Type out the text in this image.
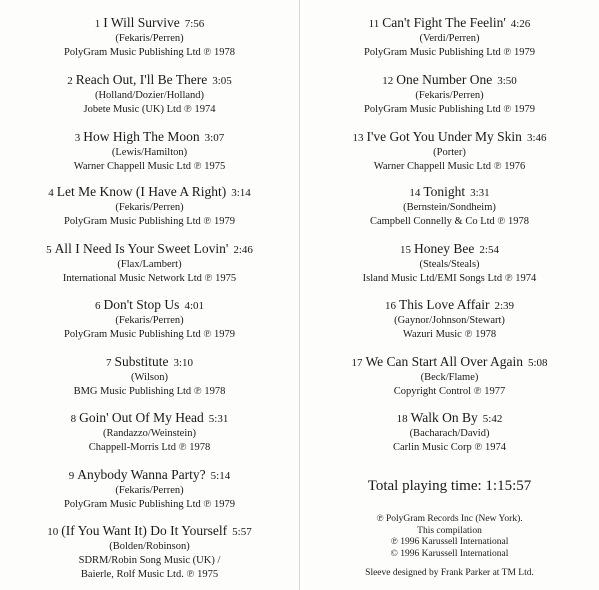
1 I Will Survive 7:56
(Fekaris/Perren)
PolyGram Music Publishing Ltd ℗ 1978
2 Reach Out, I'll Be There 3:05
(Holland/Dozier/Holland)
Jobete Music (UK) Ltd ℗ 1974
3 How High The Moon 3:07
(Lewis/Hamilton)
Warner Chappell Music Ltd ℗ 1975
4 Let Me Know (I Have A Right) 3:14
(Fekaris/Perren)
PolyGram Music Publishing Ltd ℗ 1979
5 All I Need Is Your Sweet Lovin' 2:46
(Flax/Lambert)
International Music Network Ltd ℗ 1975
6 Don't Stop Us 4:01
(Fekaris/Perren)
PolyGram Music Publishing Ltd ℗ 1979
7 Substitute 3:10
(Wilson)
BMG Music Publishing Ltd ℗ 1978
8 Goin' Out Of My Head 5:31
(Randazzo/Weinstein)
Chappell-Morris Ltd ℗ 1978
9 Anybody Wanna Party? 5:14
(Fekaris/Perren)
PolyGram Music Publishing Ltd ℗ 1979
10 (If You Want It) Do It Yourself 5:57
(Bolden/Robinson)
SDRM/Robin Song Music (UK) /
Baierle, Rolf Music Ltd. ℗ 1975
11 Can't Fight The Feelin' 4:26
(Verdi/Perren)
PolyGram Music Publishing Ltd ℗ 1979
12 One Number One 3:50
(Fekaris/Perren)
PolyGram Music Publishing Ltd ℗ 1979
13 I've Got You Under My Skin 3:46
(Porter)
Warner Chappell Music Ltd ℗ 1976
14 Tonight 3:31
(Bernstein/Sondheim)
Campbell Connelly & Co Ltd ℗ 1978
15 Honey Bee 2:54
(Steals/Steals)
Island Music Ltd/EMI Songs Ltd ℗ 1974
16 This Love Affair 2:39
(Gaynor/Johnson/Stewart)
Wazuri Music ℗ 1978
17 We Can Start All Over Again 5:08
(Beck/Flame)
Copyright Control ℗ 1977
18 Walk On By 5:42
(Bacharach/David)
Carlin Music Corp ℗ 1974
Total playing time: 1:15:57
℗ PolyGram Records Inc (New York).
This compilation
℗ 1996 Karussell International
© 1996 Karussell International
Sleeve designed by Frank Parker at TM Ltd.
